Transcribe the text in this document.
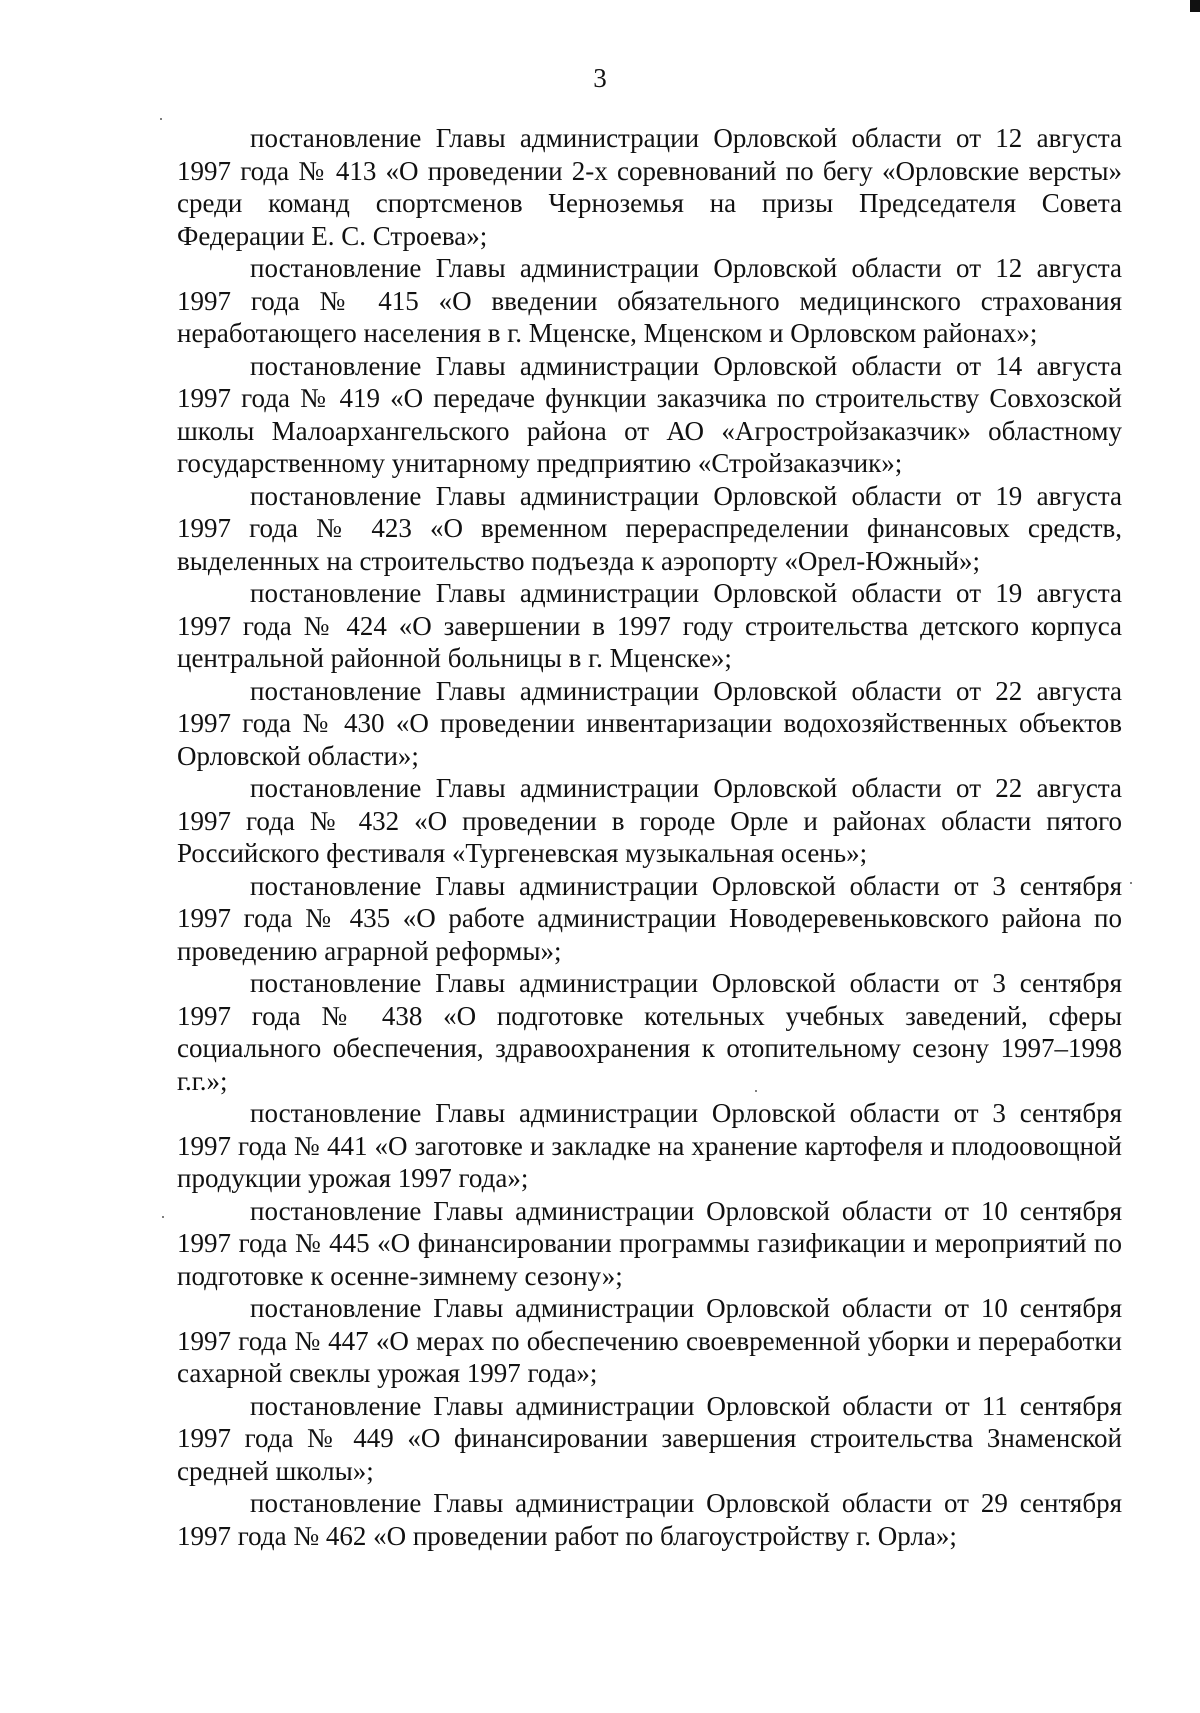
3

постановление Главы администрации Орловской области от 12 августа 1997 года № 413 «О проведении 2-х соревнований по бегу «Орловские версты» среди команд спортсменов Черноземья на призы Председателя Совета Федерации Е. С. Строева»;

постановление Главы администрации Орловской области от 12 августа 1997 года № 415 «О введении обязательного медицинского страхования неработающего населения в г. Мценске, Мценском и Орловском районах»;

постановление Главы администрации Орловской области от 14 августа 1997 года № 419 «О передаче функции заказчика по строительству Совхозской школы Малоархангельского района от АО «Агростройзаказчик» областному государственному унитарному предприятию «Стройзаказчик»;

постановление Главы администрации Орловской области от 19 августа 1997 года № 423 «О временном перераспределении финансовых средств, выделенных на строительство подъезда к аэропорту «Орел-Южный»;

постановление Главы администрации Орловской области от 19 августа 1997 года № 424 «О завершении в 1997 году строительства детского корпуса центральной районной больницы в г. Мценске»;

постановление Главы администрации Орловской области от 22 августа 1997 года № 430 «О проведении инвентаризации водохозяйственных объектов Орловской области»;

постановление Главы администрации Орловской области от 22 августа 1997 года № 432 «О проведении в городе Орле и районах области пятого Российского фестиваля «Тургеневская музыкальная осень»;

постановление Главы администрации Орловской области от 3 сентября 1997 года № 435 «О работе администрации Новодеревеньковского района по проведению аграрной реформы»;

постановление Главы администрации Орловской области от 3 сентября 1997 года № 438 «О подготовке котельных учебных заведений, сферы социального обеспечения, здравоохранения к отопительному сезону 1997–1998 г.г.»;

постановление Главы администрации Орловской области от 3 сентября 1997 года № 441 «О заготовке и закладке на хранение картофеля и плодоовощной продукции урожая 1997 года»;

постановление Главы администрации Орловской области от 10 сентября 1997 года № 445 «О финансировании программы газификации и мероприятий по подготовке к осенне-зимнему сезону»;

постановление Главы администрации Орловской области от 10 сентября 1997 года № 447 «О мерах по обеспечению своевременной уборки и переработки сахарной свеклы урожая 1997 года»;

постановление Главы администрации Орловской области от 11 сентября 1997 года № 449 «О финансировании завершения строительства Знаменской средней школы»;

постановление Главы администрации Орловской области от 29 сентября 1997 года № 462 «О проведении работ по благоустройству г. Орла»;
